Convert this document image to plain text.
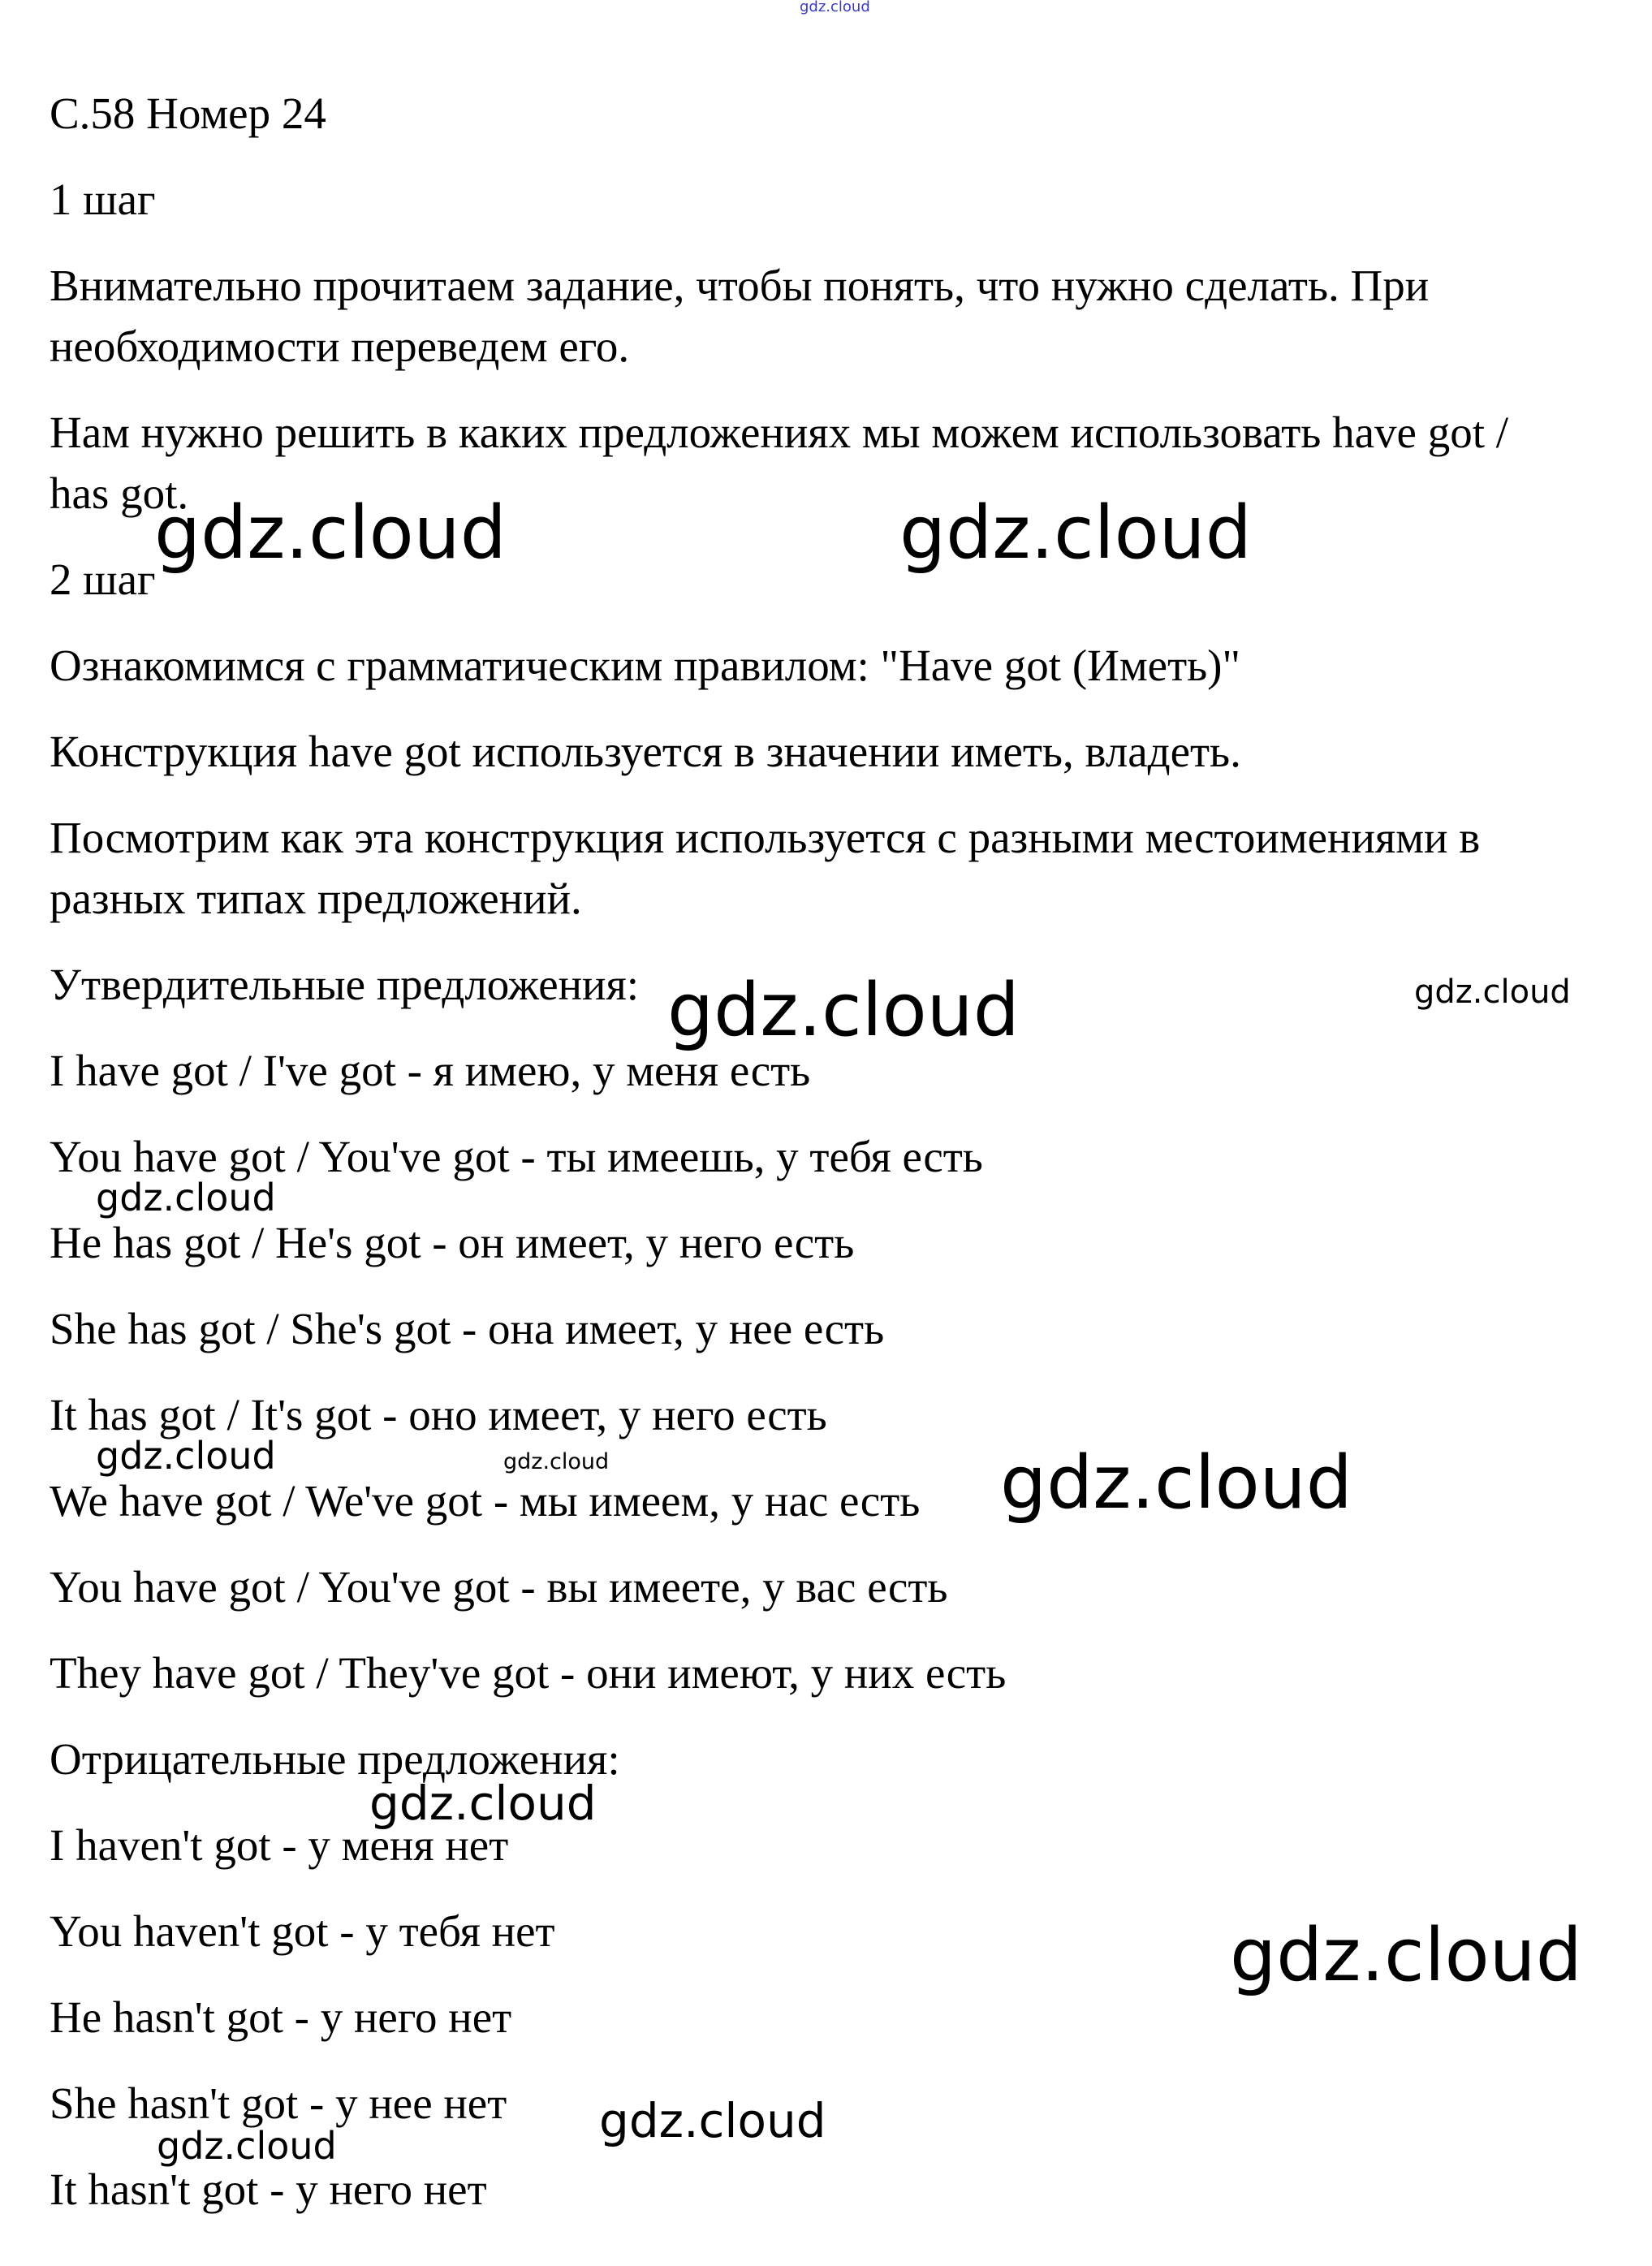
С.58 Номер 24
1 шаг
Внимательно прочитаем задание, чтобы понять, что нужно сделать. При
необходимости переведем его.
Нам нужно решить в каких предложениях мы можем использовать have got /
has got.
2 шаг
Ознакомимся с грамматическим правилом: "Have got (Иметь)"
Конструкция have got используется в значении иметь, владеть.
Посмотрим как эта конструкция используется с разными местоимениями в
разных типах предложений.
Утвердительные предложения:
I have got / I've got - я имею, у меня есть
You have got / You've got - ты имеешь, у тебя есть
He has got / He's got - он имеет, у него есть
She has got / She's got - она имеет, у нее есть
It has got / It's got - оно имеет, у него есть
We have got / We've got - мы имеем, у нас есть
You have got / You've got - вы имеете, у вас есть
They have got / They've got - они имеют, у них есть
Отрицательные предложения:
I haven't got - у меня нет
You haven't got - у тебя нет
He hasn't got - у него нет
She hasn't got - у нее нет
It hasn't got - у него нет
gdz.cloud
gdz.cloud	gdz.cloud
gdz.cloud	gdz.cloud
gdz.cloud
gdz.cloud	gdz.cloud	gdz.cloud
gdz.cloud
gdz.cloud
gdz.cloud
gdz.cloud
